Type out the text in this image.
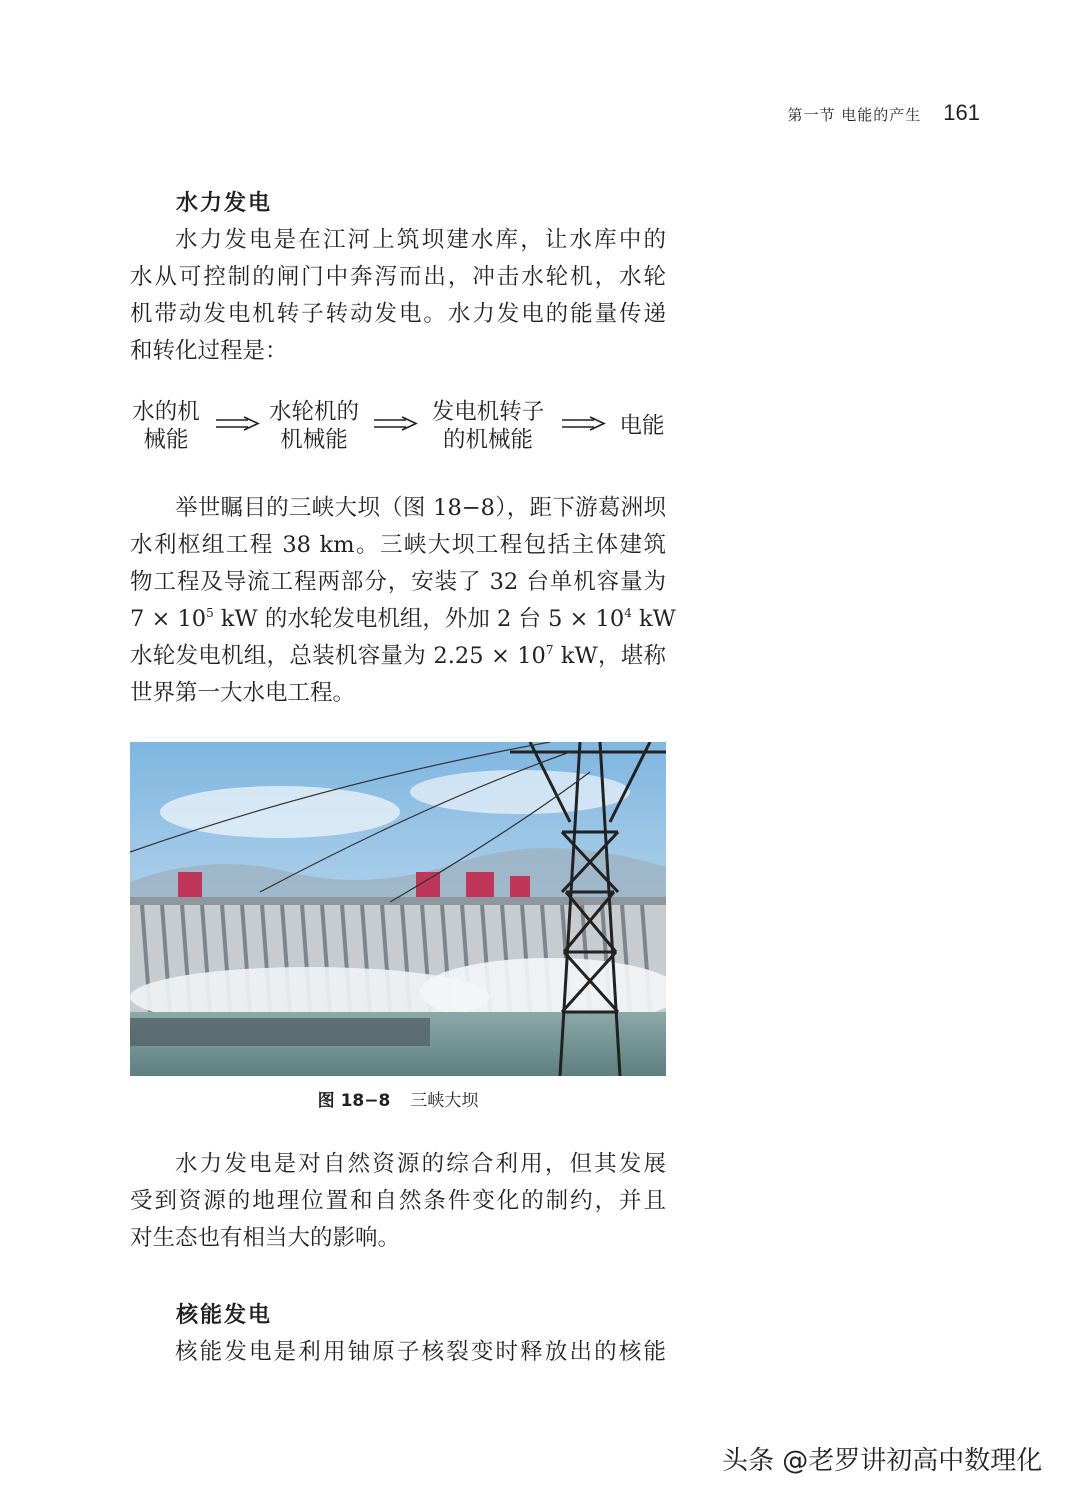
第一节 电能的产生 161
水力发电
水力发电是在江河上筑坝建水库，让水库中的
水从可控制的闸门中奔泻而出，冲击水轮机，水轮
机带动发电机转子转动发电。水力发电的能量传递
和转化过程是：
水的机
械能
水轮机的
机械能
发电机转子
的机械能
电能
举世瞩目的三峡大坝（图 18−8），距下游葛洲坝
水利枢组工程 38 km。三峡大坝工程包括主体建筑
物工程及导流工程两部分，安装了 32 台单机容量为
$7 \times 10^5$ kW 的水轮发电机组，外加 2 台 $5 \times 10^4$ kW
水轮发电机组，总装机容量为 $2.25 \times 10^7$ kW，堪称
世界第一大水电工程。
图 18−8 三峡大坝
水力发电是对自然资源的综合利用，但其发展
受到资源的地理位置和自然条件变化的制约，并且
对生态也有相当大的影响。
核能发电
核能发电是利用铀原子核裂变时释放出的核能
头条 @老罗讲初高中数理化
